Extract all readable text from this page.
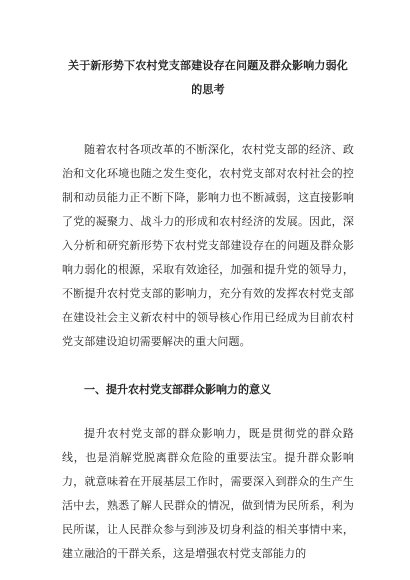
关于新形势下农村党支部建设存在问题及群众影响力弱化
的思考

随着农村各项改革的不断深化，农村党支部的经济、政治和文化环境也随之发生变化，农村党支部对农村社会的控制和动员能力正不断下降，影响力也不断减弱，这直接影响了党的凝聚力、战斗力的形成和农村经济的发展。因此，深入分析和研究新形势下农村党支部建设存在的问题及群众影响力弱化的根源，采取有效途径，加强和提升党的领导力，不断提升农村党支部的影响力，充分有效的发挥农村党支部在建设社会主义新农村中的领导核心作用已经成为目前农村党支部建设迫切需要解决的重大问题。

一、提升农村党支部群众影响力的意义

提升农村党支部的群众影响力，既是贯彻党的群众路线，也是消解党脱离群众危险的重要法宝。提升群众影响力，就意味着在开展基层工作时，需要深入到群众的生产生活中去，熟悉了解人民群众的情况，做到情为民所系，利为民所谋，让人民群众参与到涉及切身利益的相关事情中来，建立融洽的干群关系，这是增强农村党支部能力的
